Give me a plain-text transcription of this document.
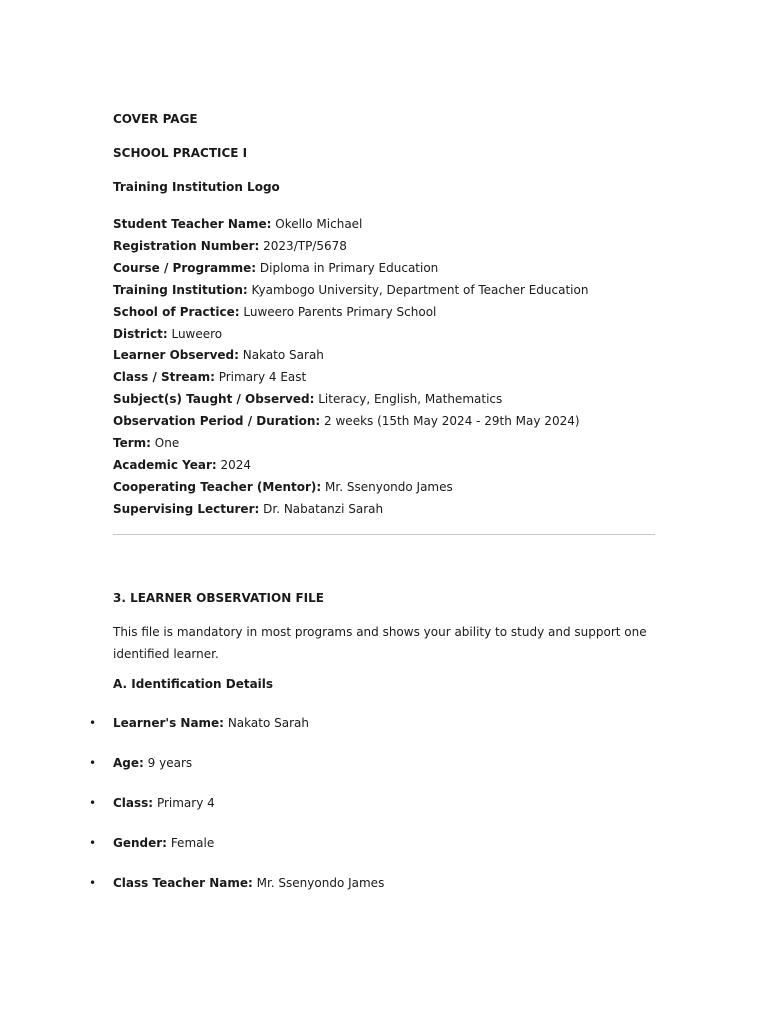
COVER PAGE

SCHOOL PRACTICE I

Training Institution Logo

Student Teacher Name: Okello Michael
Registration Number: 2023/TP/5678
Course / Programme: Diploma in Primary Education
Training Institution: Kyambogo University, Department of Teacher Education
School of Practice: Luweero Parents Primary School
District: Luweero
Learner Observed: Nakato Sarah
Class / Stream: Primary 4 East
Subject(s) Taught / Observed: Literacy, English, Mathematics
Observation Period / Duration: 2 weeks (15th May 2024 - 29th May 2024)
Term: One
Academic Year: 2024
Cooperating Teacher (Mentor): Mr. Ssenyondo James
Supervising Lecturer: Dr. Nabatanzi Sarah

3. LEARNER OBSERVATION FILE

This file is mandatory in most programs and shows your ability to study and support one identified learner.

A. Identification Details

• Learner's Name: Nakato Sarah
• Age: 9 years
• Class: Primary 4
• Gender: Female
• Class Teacher Name: Mr. Ssenyondo James
